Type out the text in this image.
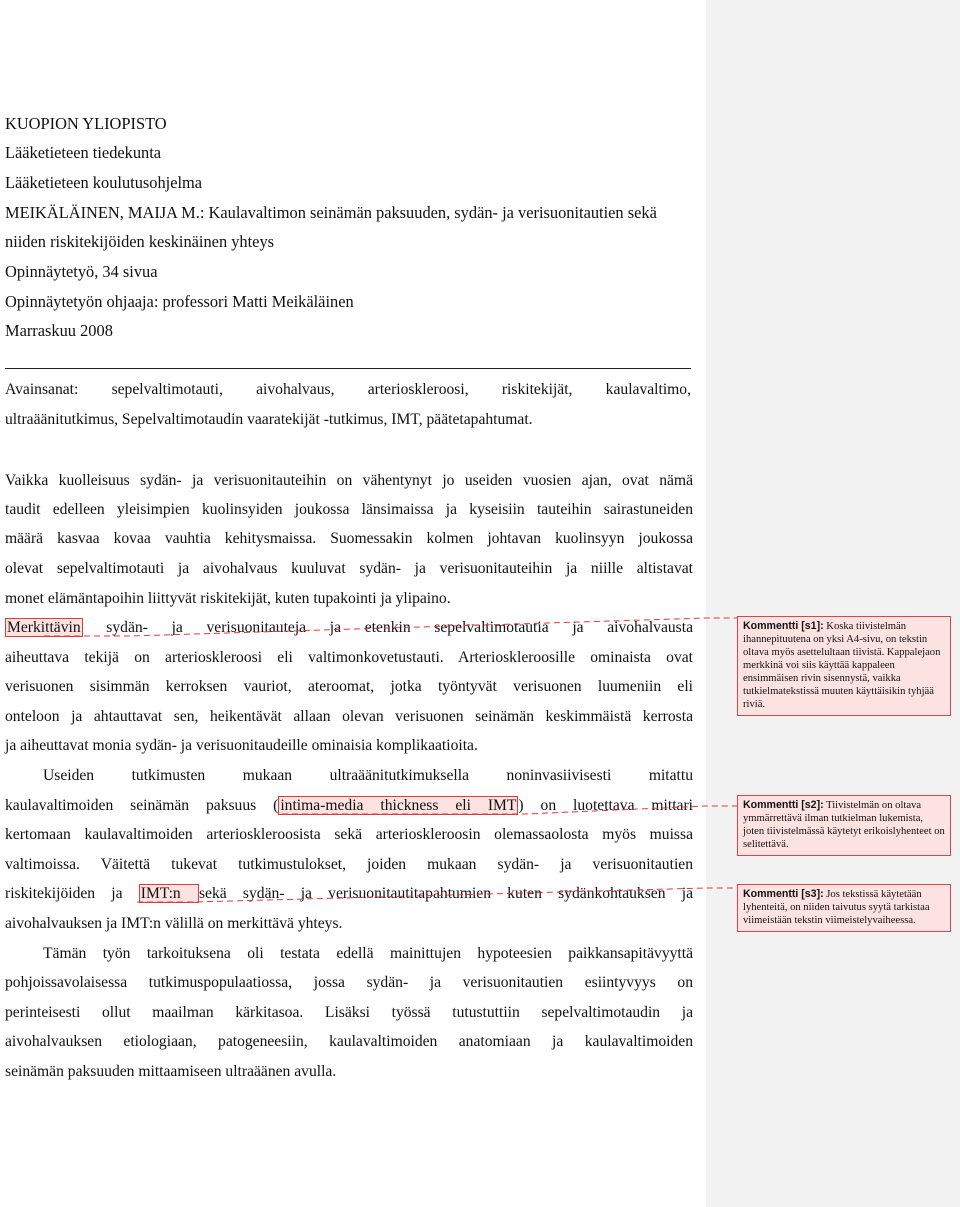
KUOPION YLIOPISTO
Lääketieteen tiedekunta
Lääketieteen koulutusohjelma
MEIKÄLÄINEN, MAIJA M.: Kaulavaltimon seinämän paksuuden, sydän- ja verisuonitautien sekä
niiden riskitekijöiden keskinäinen yhteys
Opinnäytetyö, 34 sivua
Opinnäytetyön ohjaaja: professori Matti Meikäläinen
Marraskuu 2008
Avainsanat: sepelvaltimotauti, aivohalvaus, arterioskleroosi, riskitekijät, kaulavaltimo,
ultraäänitutkimus, Sepelvaltimotaudin vaaratekijät -tutkimus, IMT, päätetapahtumat.
Vaikka kuolleisuus sydän- ja verisuonitauteihin on vähentynyt jo useiden vuosien ajan, ovat nämä
taudit edelleen yleisimpien kuolinsyiden joukossa länsimaissa ja kyseisiin tauteihin sairastuneiden
määrä kasvaa kovaa vauhtia kehitysmaissa. Suomessakin kolmen johtavan kuolinsyyn joukossa
olevat sepelvaltimotauti ja aivohalvaus kuuluvat sydän- ja verisuonitauteihin ja niille altistavat
monet elämäntapoihin liittyvät riskitekijät, kuten tupakointi ja ylipaino.
Merkittävin sydän- ja verisuonitauteja ja etenkin sepelvaltimotautia ja aivohalvausta
aiheuttava tekijä on arterioskleroosi eli valtimonkovetustauti. Arterioskleroosille ominaista ovat
verisuonen sisimmän kerroksen vauriot, ateroomat, jotka työntyvät verisuonen luumeniin eli
onteloon ja ahtauttavat sen, heikentävät allaan olevan verisuonen seinämän keskimmäistä kerrosta
ja aiheuttavat monia sydän- ja verisuonitaudeille ominaisia komplikaatioita.
Useiden tutkimusten mukaan ultraäänitutkimuksella noninvasiivisesti mitattu
kaulavaltimoiden seinämän paksuus ( intima-media thickness eli IMT ) on luotettava mittari
kertomaan kaulavaltimoiden arterioskleroosista sekä arterioskleroosin olemassaolosta myös muissa
valtimoissa. Väitettä tukevat tutkimustulokset, joiden mukaan sydän- ja verisuonitautien
riskitekijöiden ja IMT:n sekä sydän- ja verisuonitautitapahtumien kuten sydänkohtauksen ja
aivohalvauksen ja IMT:n välillä on merkittävä yhteys.
Tämän työn tarkoituksena oli testata edellä mainittujen hypoteesien paikkansapitävyyttä
pohjoissavolaisessa tutkimuspopulaatiossa, jossa sydän- ja verisuonitautien esiintyvyys on
perinteisesti ollut maailman kärkitasoa. Lisäksi työssä tutustuttiin sepelvaltimotaudin ja
aivohalvauksen etiologiaan, patogeneesiin, kaulavaltimoiden anatomiaan ja kaulavaltimoiden
seinämän paksuuden mittaamiseen ultraäänen avulla.
Kommentti [s1]: Koska tiivistelmän ihannepituutena on yksi A4-sivu, on tekstin oltava myös asettelultaan tiivistä. Kappalejaon merkkinä voi siis käyttää kappaleen ensimmäisen rivin sisennystä, vaikka tutkielmatekstissä muuten käyttäisikin tyhjää riviä.
Kommentti [s2]: Tiivistelmän on oltava ymmärrettävä ilman tutkielman lukemista, joten tiivistelmässä käytetyt erikoislyhenteet on selitettävä.
Kommentti [s3]: Jos tekstissä käytetään lyhenteitä, on niiden taivutus syytä tarkistaa viimeistään tekstin viimeistelyvaiheessa.
